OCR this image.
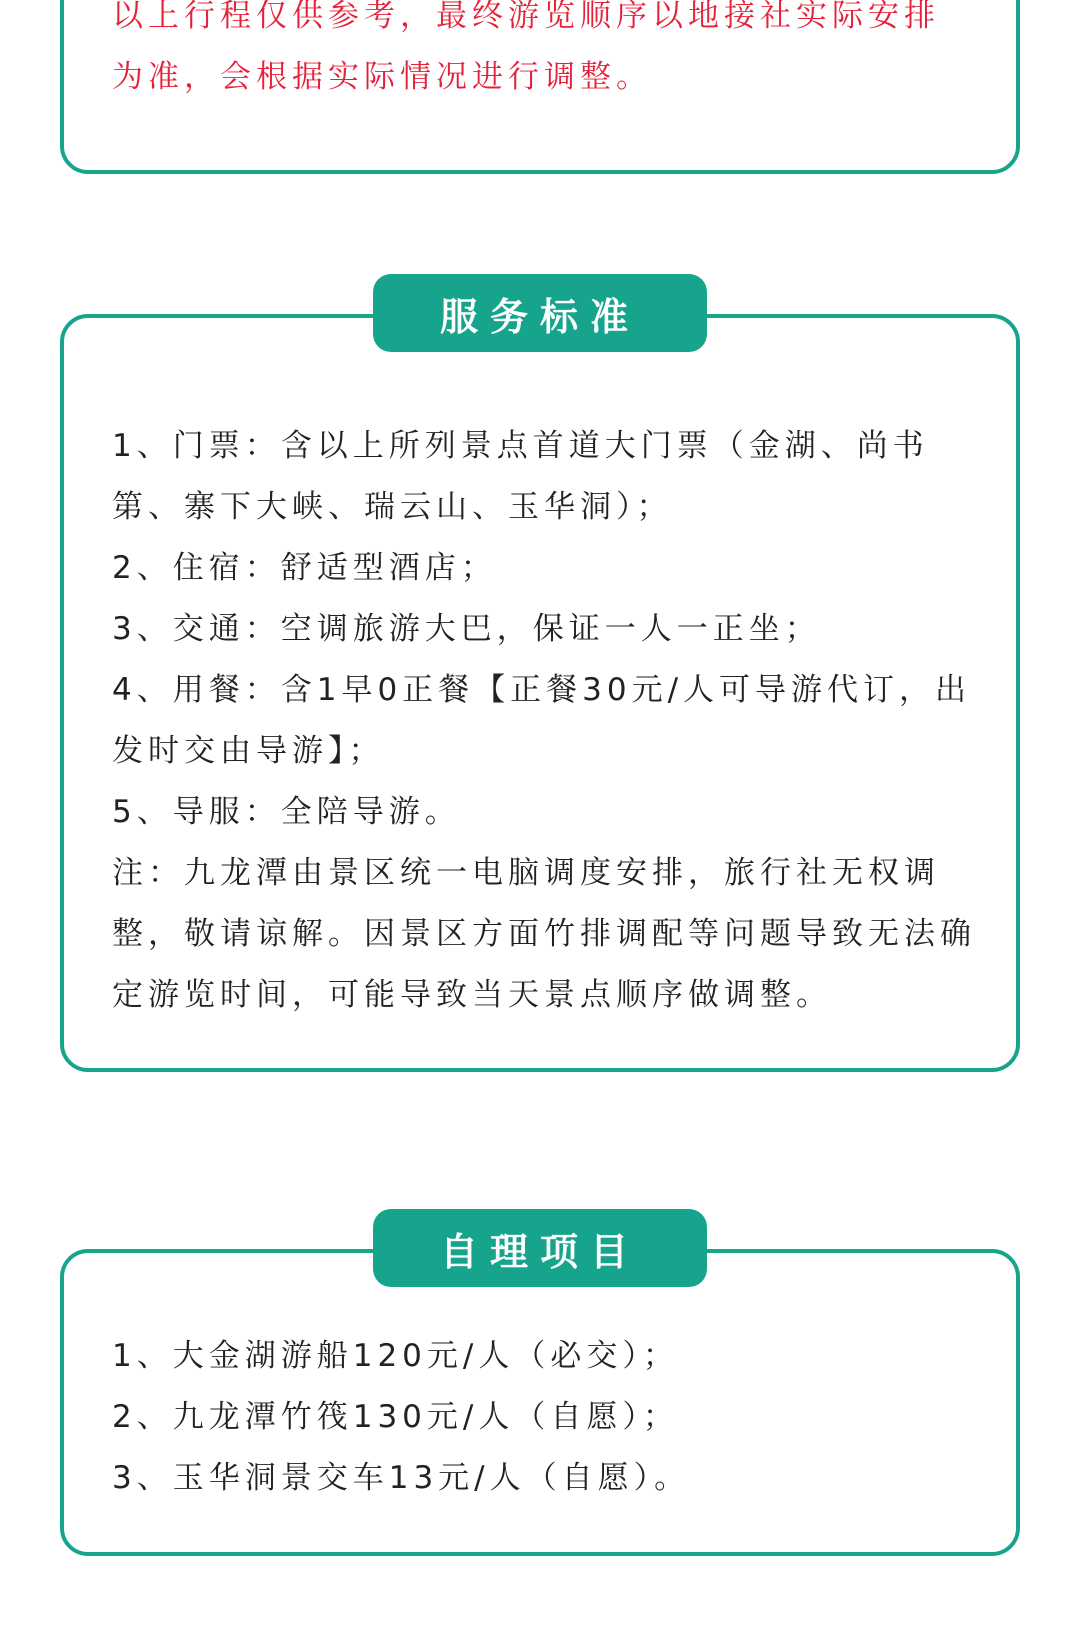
以上行程仅供参考，最终游览顺序以地接社实际安排为准，会根据实际情况进行调整。

服务标准

1、门票：含以上所列景点首道大门票（金湖、尚书第、寨下大峡、瑞云山、玉华洞）；

2、住宿：舒适型酒店；

3、交通：空调旅游大巴，保证一人一正坐；

4、用餐：含1早0正餐【正餐30元/人可导游代订，出发时交由导游】；

5、导服：全陪导游。

注：九龙潭由景区统一电脑调度安排，旅行社无权调整，敬请谅解。因景区方面竹排调配等问题导致无法确定游览时间，可能导致当天景点顺序做调整。

自理项目

1、大金湖游船120元/人（必交）；

2、九龙潭竹筏130元/人（自愿）；

3、玉华洞景交车13元/人（自愿）。
